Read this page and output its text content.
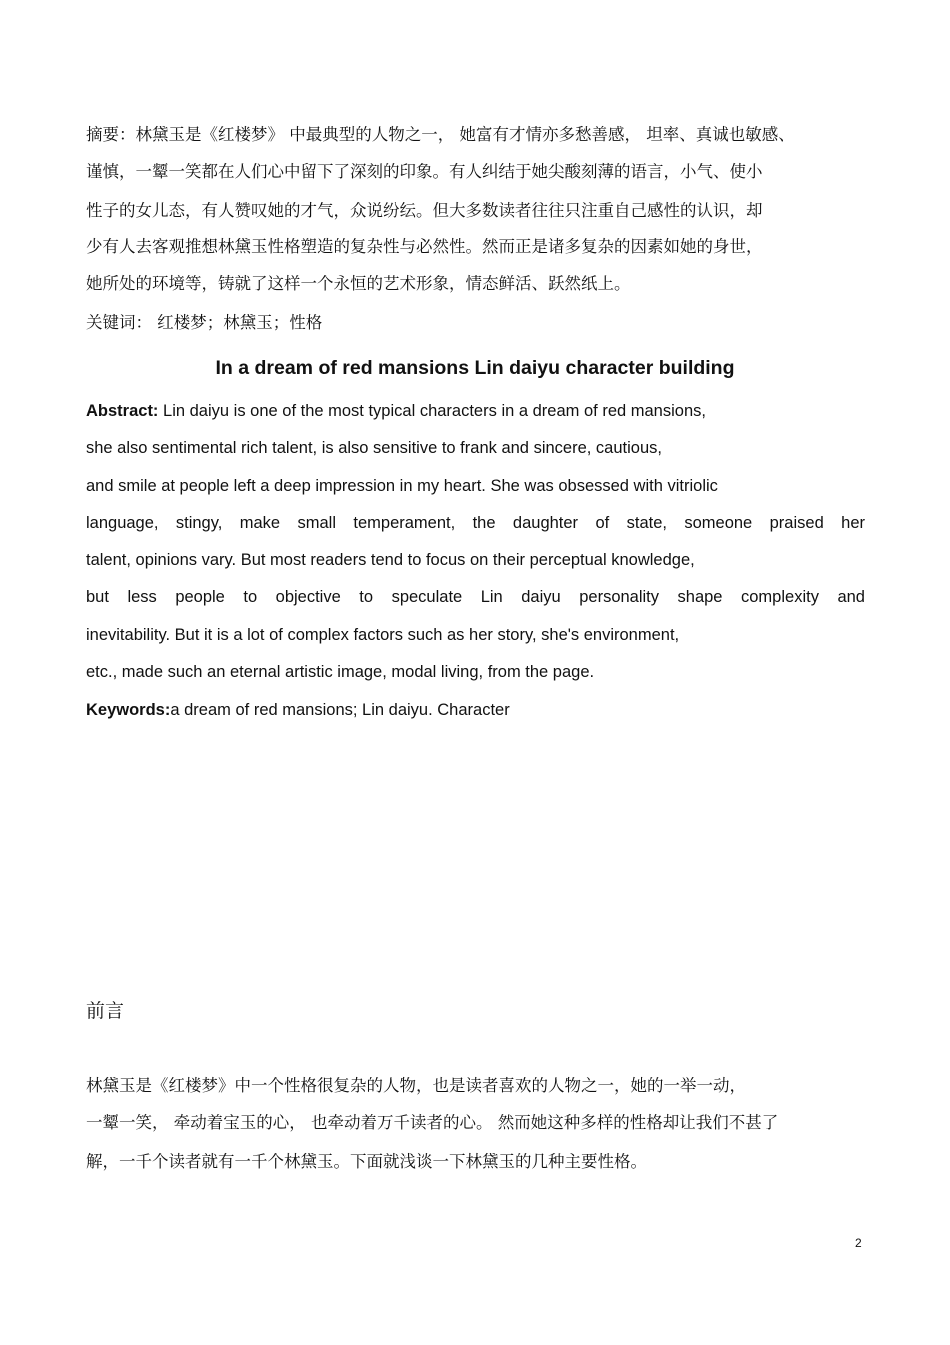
摘要：林黛玉是《红楼梦》 中最典型的人物之一， 她富有才情亦多愁善感， 坦率、真诚也敏感、
谨慎，一颦一笑都在人们心中留下了深刻的印象。有人纠结于她尖酸刻薄的语言，小气、使小
性子的女儿态，有人赞叹她的才气，众说纷纭。但大多数读者往往只注重自己感性的认识，却
少有人去客观推想林黛玉性格塑造的复杂性与必然性。然而正是诸多复杂的因素如她的身世，
她所处的环境等，铸就了这样一个永恒的艺术形象，情态鲜活、跃然纸上。
关键词： 红楼梦；林黛玉；性格
In a dream of red mansions Lin daiyu character building
Abstract: Lin daiyu is one of the most typical characters in a dream of red mansions,
she also sentimental rich talent, is also sensitive to frank and sincere, cautious,
and smile at people left a deep impression in my heart. She was obsessed with vitriolic
language, stingy, make small temperament, the daughter of state, someone praised her
talent, opinions vary. But most readers tend to focus on their perceptual knowledge,
but less people to objective to speculate Lin daiyu personality shape complexity and
inevitability. But it is a lot of complex factors such as her story, she's environment,
etc., made such an eternal artistic image, modal living, from the page.
Keywords:a dream of red mansions; Lin daiyu. Character
前言
林黛玉是《红楼梦》中一个性格很复杂的人物，也是读者喜欢的人物之一，她的一举一动，
一颦一笑， 牵动着宝玉的心， 也牵动着万千读者的心。 然而她这种多样的性格却让我们不甚了
解，一千个读者就有一千个林黛玉。下面就浅谈一下林黛玉的几种主要性格。
2
